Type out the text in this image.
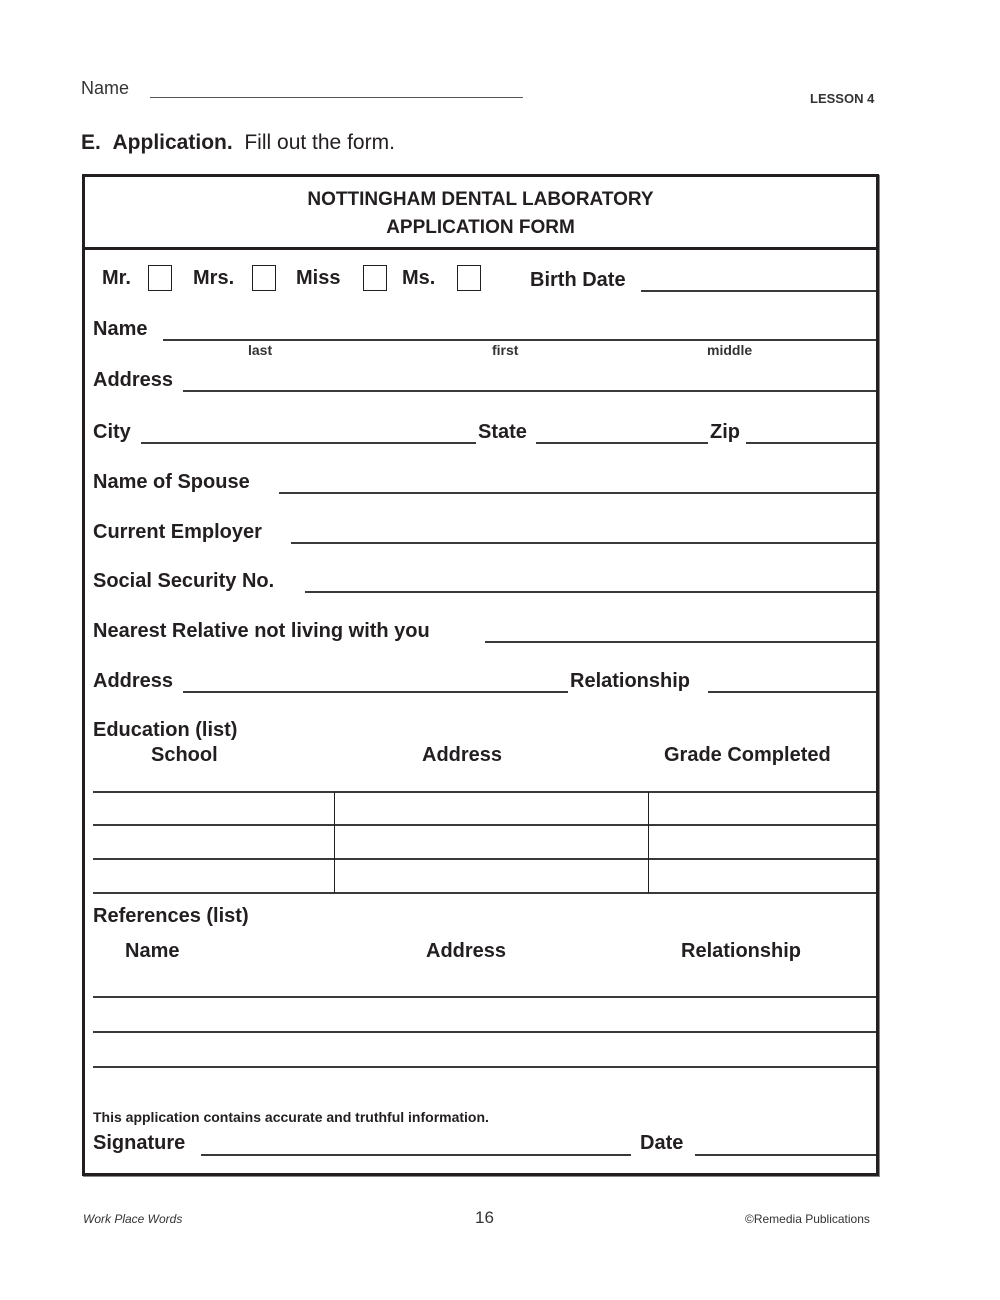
Name
LESSON 4
E. Application. Fill out the form.
NOTTINGHAM DENTAL LABORATORY
APPLICATION FORM
Mr.	Mrs.	Miss	Ms.	Birth Date
Name
last	first	middle
Address
City	State	Zip
Name of Spouse
Current Employer
Social Security No.
Nearest Relative not living with you
Address	Relationship
Education (list)
School	Address	Grade Completed
References (list)
Name	Address	Relationship
This application contains accurate and truthful information.
Signature	Date
Work Place Words	16	©Remedia Publications
